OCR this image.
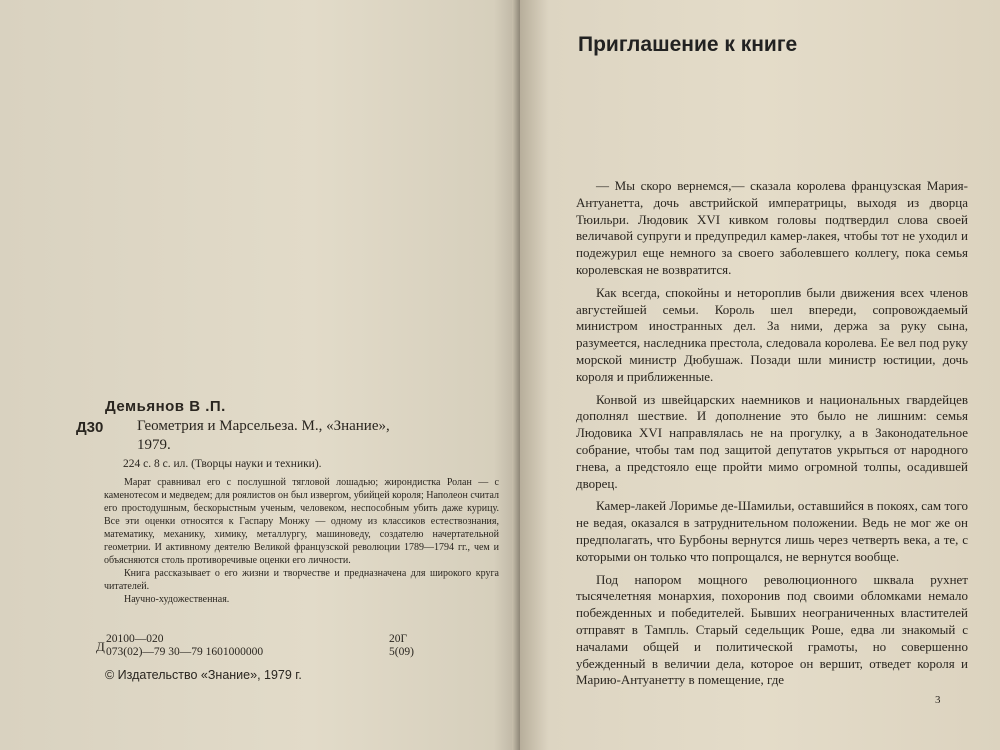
Демьянов В .П.
Д30 Геометрия и Марсельеза. М., «Знание»,
1979.
224 с. 8 с. ил. (Творцы науки и техники).

Марат сравнивал его с послушной тягловой лошадью; жирондистка Ролан — с каменотесом и медведем; для роялистов он был извергом, убийцей короля; Наполеон считал его простодушным, бескорыстным ученым, человеком, неспособным убить даже курицу. Все эти оценки относятся к Гаспару Монжу — одному из классиков естествознания, математику, механику, химику, металлургу, машиноведу, создателю начертательной геометрии. И активному деятелю Великой французской революции 1789—1794 гг., чем и объясняются столь противоречивые оценки его личности.

Книга рассказывает о его жизни и творчестве и предназначена для широкого круга читателей.

Научно-художественная.

Д 20100—020
073(02)—79 30—79 1601000000
20Г
5(09)
© Издательство «Знание», 1979 г.
Приглашение к книге

— Мы скоро вернемся,— сказала королева французская Мария-Антуанетта, дочь австрийской императрицы, выходя из дворца Тюильри. Людовик XVI кивком головы подтвердил слова своей величавой супруги и предупредил камер-лакея, чтобы тот не уходил и подежурил еще немного за своего заболевшего коллегу, пока семья королевская не возвратится.

Как всегда, спокойны и нетороплив были движения всех членов августейшей семьи. Король шел впереди, сопровождаемый министром иностранных дел. За ними, держа за руку сына, разумеется, наследника престола, следовала королева. Ее вел под руку морской министр Дюбушаж. Позади шли министр юстиции, дочь короля и приближенные.

Конвой из швейцарских наемников и национальных гвардейцев дополнял шествие. И дополнение это было не лишним: семья Людовика XVI направлялась не на прогулку, а в Законодательное собрание, чтобы там под защитой депутатов укрыться от народного гнева, а предстояло еще пройти мимо огромной толпы, осадившей дворец.

Камер-лакей Лоримье де-Шамильи, оставшийся в покоях, сам того не ведая, оказался в затруднительном положении. Ведь не мог же он предполагать, что Бурбоны вернутся лишь через четверть века, а те, с которыми он только что попрощался, не вернутся вообще.

Под напором мощного революционного шквала рухнет тысячелетняя монархия, похоронив под своими обломками немало побежденных и победителей. Бывших неограниченных властителей отправят в Тампль. Старый седельщик Роше, едва ли знакомый с началами общей и политической грамоты, но совершенно убежденный в величии дела, которое он вершит, отведет короля и Марию-Антуанетту в помещение, где

3
